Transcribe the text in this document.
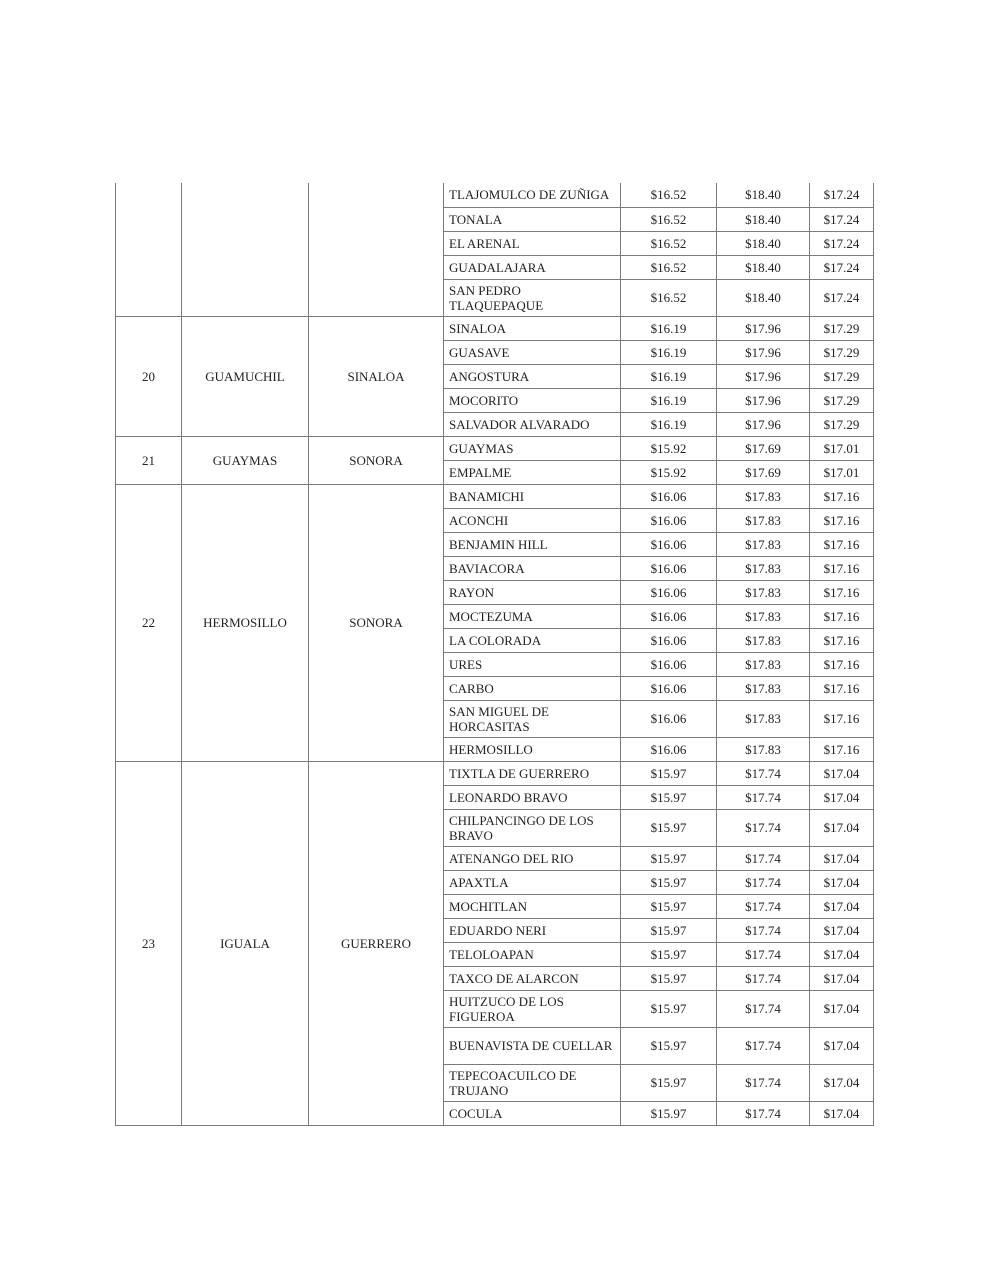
			TLAJOMULCO DE ZUÑIGA	$16.52	$18.40	$17.24
			TONALA	$16.52	$18.40	$17.24
			EL ARENAL	$16.52	$18.40	$17.24
			GUADALAJARA	$16.52	$18.40	$17.24
			SAN PEDRO TLAQUEPAQUE	$16.52	$18.40	$17.24
20	GUAMUCHIL	SINALOA	SINALOA	$16.19	$17.96	$17.29
			GUASAVE	$16.19	$17.96	$17.29
			ANGOSTURA	$16.19	$17.96	$17.29
			MOCORITO	$16.19	$17.96	$17.29
			SALVADOR ALVARADO	$16.19	$17.96	$17.29
21	GUAYMAS	SONORA	GUAYMAS	$15.92	$17.69	$17.01
			EMPALME	$15.92	$17.69	$17.01
22	HERMOSILLO	SONORA	BANAMICHI	$16.06	$17.83	$17.16
			ACONCHI	$16.06	$17.83	$17.16
			BENJAMIN HILL	$16.06	$17.83	$17.16
			BAVIACORA	$16.06	$17.83	$17.16
			RAYON	$16.06	$17.83	$17.16
			MOCTEZUMA	$16.06	$17.83	$17.16
			LA COLORADA	$16.06	$17.83	$17.16
			URES	$16.06	$17.83	$17.16
			CARBO	$16.06	$17.83	$17.16
			SAN MIGUEL DE HORCASITAS	$16.06	$17.83	$17.16
			HERMOSILLO	$16.06	$17.83	$17.16
23	IGUALA	GUERRERO	TIXTLA DE GUERRERO	$15.97	$17.74	$17.04
			LEONARDO BRAVO	$15.97	$17.74	$17.04
			CHILPANCINGO DE LOS BRAVO	$15.97	$17.74	$17.04
			ATENANGO DEL RIO	$15.97	$17.74	$17.04
			APAXTLA	$15.97	$17.74	$17.04
			MOCHITLAN	$15.97	$17.74	$17.04
			EDUARDO NERI	$15.97	$17.74	$17.04
			TELOLOAPAN	$15.97	$17.74	$17.04
			TAXCO DE ALARCON	$15.97	$17.74	$17.04
			HUITZUCO DE LOS FIGUEROA	$15.97	$17.74	$17.04
			BUENAVISTA DE CUELLAR	$15.97	$17.74	$17.04
			TEPECOACUILCO DE TRUJANO	$15.97	$17.74	$17.04
			COCULA	$15.97	$17.74	$17.04
